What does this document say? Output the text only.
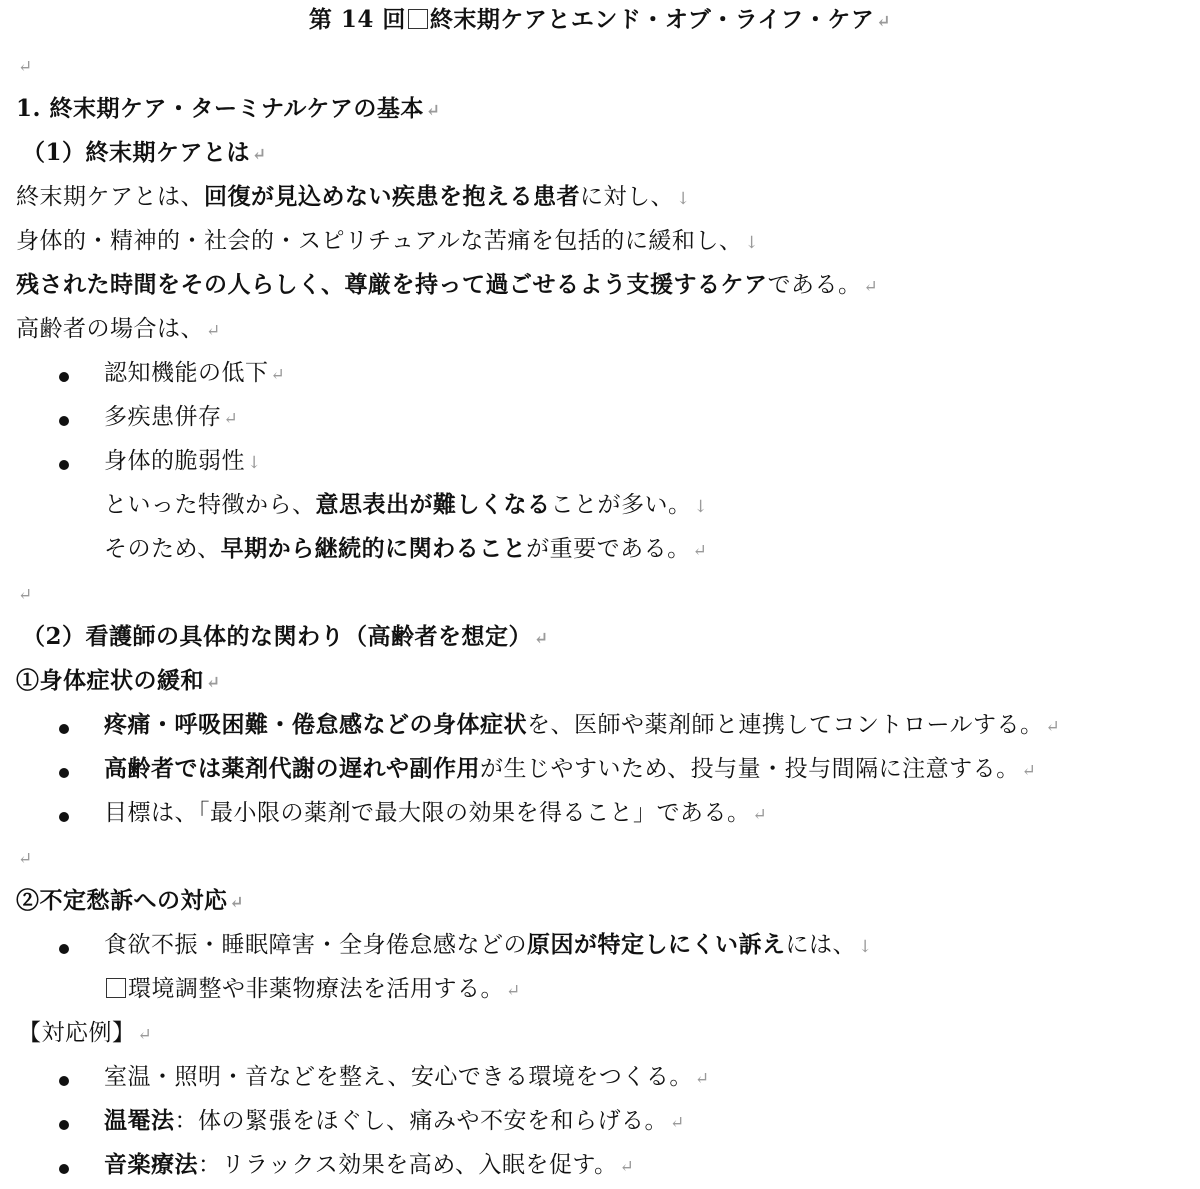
第 14 回 終末期ケアとエンド・オブ・ライフ・ケア ↵
↵
1. 終末期ケア・ターミナルケアの基本 ↵
（1）終末期ケアとは ↵
終末期ケアとは、回復が見込めない疾患を抱える患者に対し、 ↓
身体的・精神的・社会的・スピリチュアルな苦痛を包括的に緩和し、 ↓
残された時間をその人らしく、尊厳を持って過ごせるよう支援するケアである。 ↵
高齢者の場合は、 ↵
認知機能の低下 ↵
多疾患併存 ↵
身体的脆弱性 ↓
といった特徴から、意思表出が難しくなることが多い。 ↓
そのため、早期から継続的に関わることが重要である。 ↵
↵
（2）看護師の具体的な関わり（高齢者を想定） ↵
①身体症状の緩和 ↵
疼痛・呼吸困難・倦怠感などの身体症状を、医師や薬剤師と連携してコントロールする。 ↵
高齢者では薬剤代謝の遅れや副作用が生じやすいため、投与量・投与間隔に注意する。 ↵
目標は、「最小限の薬剤で最大限の効果を得ること」である。 ↵
↵
②不定愁訴への対応 ↵
食欲不振・睡眠障害・全身倦怠感などの原因が特定しにくい訴えには、 ↓
環境調整や非薬物療法を活用する。 ↵
【対応例】 ↵
室温・照明・音などを整え、安心できる環境をつくる。 ↵
温罨法：体の緊張をほぐし、痛みや不安を和らげる。 ↵
音楽療法：リラックス効果を高め、入眠を促す。 ↵
